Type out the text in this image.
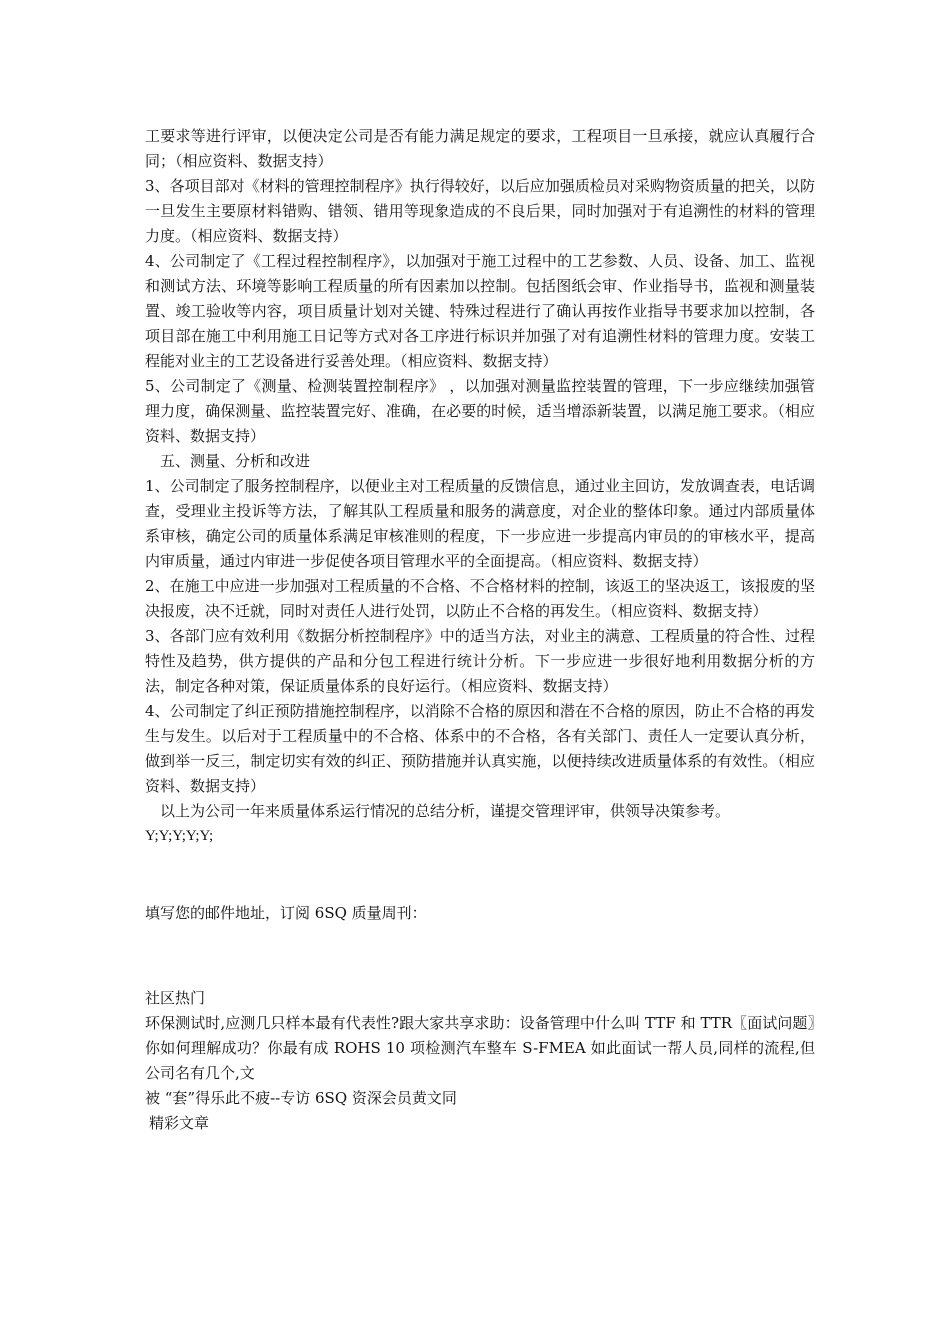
工要求等进行评审，以便决定公司是否有能力满足规定的要求，工程项目一旦承接，就应认真履行合同；（相应资料、数据支持）

3、各项目部对《材料的管理控制程序》执行得较好，以后应加强质检员对采购物资质量的把关，以防一旦发生主要原材料错购、错领、错用等现象造成的不良后果，同时加强对于有追溯性的材料的管理力度。（相应资料、数据支持）

4、公司制定了《工程过程控制程序》，以加强对于施工过程中的工艺参数、人员、设备、加工、监视和测试方法、环境等影响工程质量的所有因素加以控制。包括图纸会审、作业指导书，监视和测量装置、竣工验收等内容，项目质量计划对关键、特殊过程进行了确认再按作业指导书要求加以控制，各项目部在施工中利用施工日记等方式对各工序进行标识并加强了对有追溯性材料的管理力度。安装工程能对业主的工艺设备进行妥善处理。（相应资料、数据支持）

5、公司制定了《测量、检测装置控制程序》 ，以加强对测量监控装置的管理，下一步应继续加强管理力度，确保测量、监控装置完好、准确，在必要的时候，适当增添新装置，以满足施工要求。（相应资料、数据支持）

五、测量、分析和改进

1、公司制定了服务控制程序，以便业主对工程质量的反馈信息，通过业主回访，发放调查表，电话调查，受理业主投诉等方法，了解其队工程质量和服务的满意度，对企业的整体印象。通过内部质量体系审核，确定公司的质量体系满足审核准则的程度，下一步应进一步提高内审员的的审核水平，提高内审质量，通过内审进一步促使各项目管理水平的全面提高。（相应资料、数据支持）

2、在施工中应进一步加强对工程质量的不合格、不合格材料的控制，该返工的坚决返工，该报废的坚决报废，决不迁就，同时对责任人进行处罚，以防止不合格的再发生。（相应资料、数据支持）

3、各部门应有效利用《数据分析控制程序》中的适当方法，对业主的满意、工程质量的符合性、过程特性及趋势，供方提供的产品和分包工程进行统计分析。下一步应进一步很好地利用数据分析的方法，制定各种对策，保证质量体系的良好运行。（相应资料、数据支持）

4、公司制定了纠正预防措施控制程序，以消除不合格的原因和潜在不合格的原因，防止不合格的再发生与发生。以后对于工程质量中的不合格、体系中的不合格，各有关部门、责任人一定要认真分析，做到举一反三，制定切实有效的纠正、预防措施并认真实施，以便持续改进质量体系的有效性。（相应资料、数据支持）

以上为公司一年来质量体系运行情况的总结分析，谨提交管理评审，供领导决策参考。

Y;Y;Y;Y;Y;

填写您的邮件地址，订阅 6SQ 质量周刊：

社区热门

环保测试时,应测几只样本最有代表性?跟大家共享求助：设备管理中什么叫 TTF 和 TTR〖面试问题〗你如何理解成功？你最有成 ROHS 10 项检测汽车整车 S-FMEA 如此面试一帮人员,同样的流程,但公司名有几个,文

被 “套”得乐此不疲--专访 6SQ 资深会员黄文同

精彩文章
